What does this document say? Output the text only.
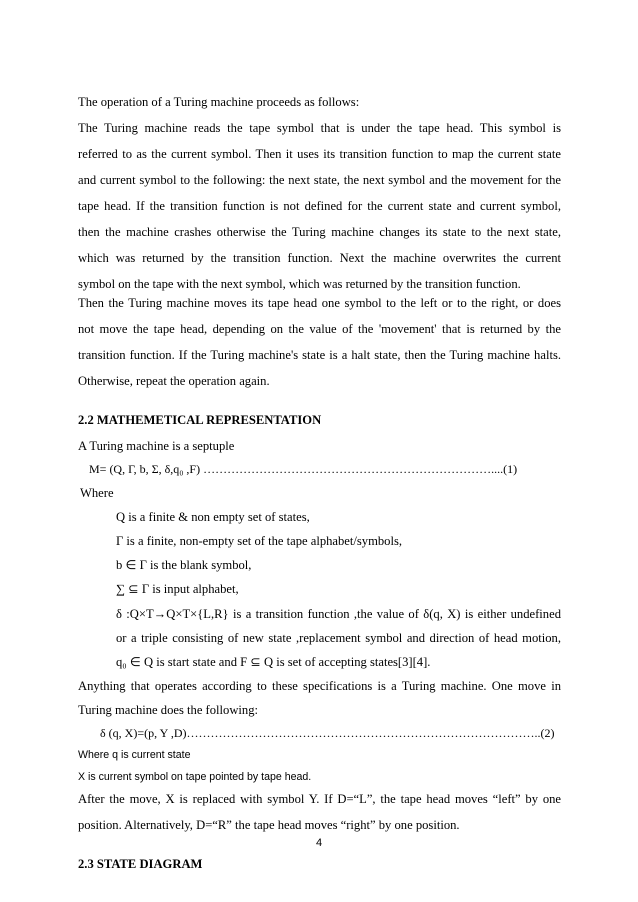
The operation of a Turing machine proceeds as follows:
The Turing machine reads the tape symbol that is under the tape head. This symbol is
referred to as the current symbol. Then it uses its transition function to map the current state
and current symbol to the following: the next state, the next symbol and the movement for the
tape head. If the transition function is not defined for the current state and current symbol,
then the machine crashes otherwise the Turing machine changes its state to the next state,
which was returned by the transition function. Next the machine overwrites the current
symbol on the tape with the next symbol, which was returned by the transition function.
Then the Turing machine moves its tape head one symbol to the left or to the right, or does
not move the tape head, depending on the value of the 'movement' that is returned by the
transition function. If the Turing machine's state is a halt state, then the Turing machine halts.
Otherwise, repeat the operation again.
2.2 MATHEMETICAL REPRESENTATION
A Turing machine is a septuple
M= (Q, Γ, b, Σ, δ,q₀ ,F) ………………………………………………………………....(1)
Where
Q is a finite & non empty set of states,
Γ is a finite, non-empty set of the tape alphabet/symbols,
b ∈ Γ is the blank symbol,
∑ ⊆ Γ is input alphabet,
δ :Q×T→Q×T×{L,R} is a transition function ,the value of δ(q, X) is either undefined
or a triple consisting of new state ,replacement symbol and direction of head motion,
q₀ ∈ Q is start state and F ⊆ Q is set of accepting states[3][4].
Anything that operates according to these specifications is a Turing machine. One move in
Turing machine does the following:
δ (q, X)=(p, Y ,D)……………………………………………………………………………..(2)
Where q is current state
X is current symbol on tape pointed by tape head.
After the move, X is replaced with symbol Y. If D=“L”, the tape head moves “left” by one
position. Alternatively, D=“R” the tape head moves “right” by one position.
2.3 STATE DIAGRAM
4
